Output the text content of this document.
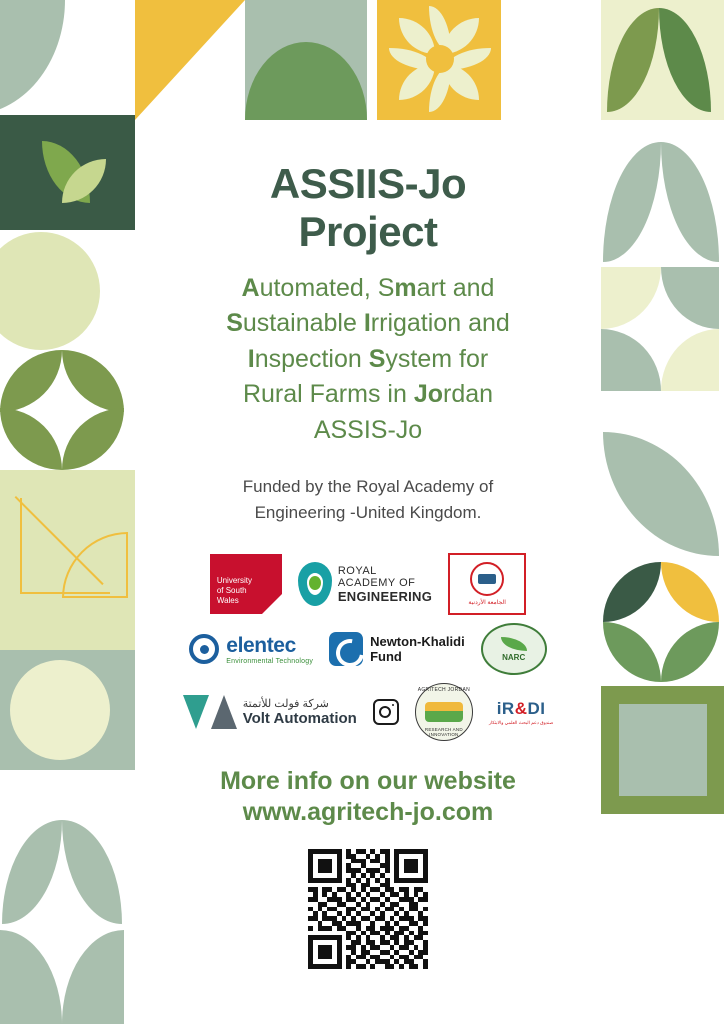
ASSIIS-Jo
Project
Automated, Smart and
Sustainable Irrigation and
Inspection System for
Rural Farms in Jordan
ASSIS-Jo
Funded by the Royal Academy of
Engineering -United Kingdom.
University
of South
Wales
ROYAL
ACADEMY OF
ENGINEERING	الجامعة الأردنية
elentec
Environmental Technology
Newton-Khalidi
Fund	NARC
شركة فولت للأتمتة
Volt Automation
AGRITECH JORDAN
RESEARCH AND INNOVATION
iR&DI
صندوق دعم البحث العلمي والابتكار
More info on our website
www.agritech-jo.com
